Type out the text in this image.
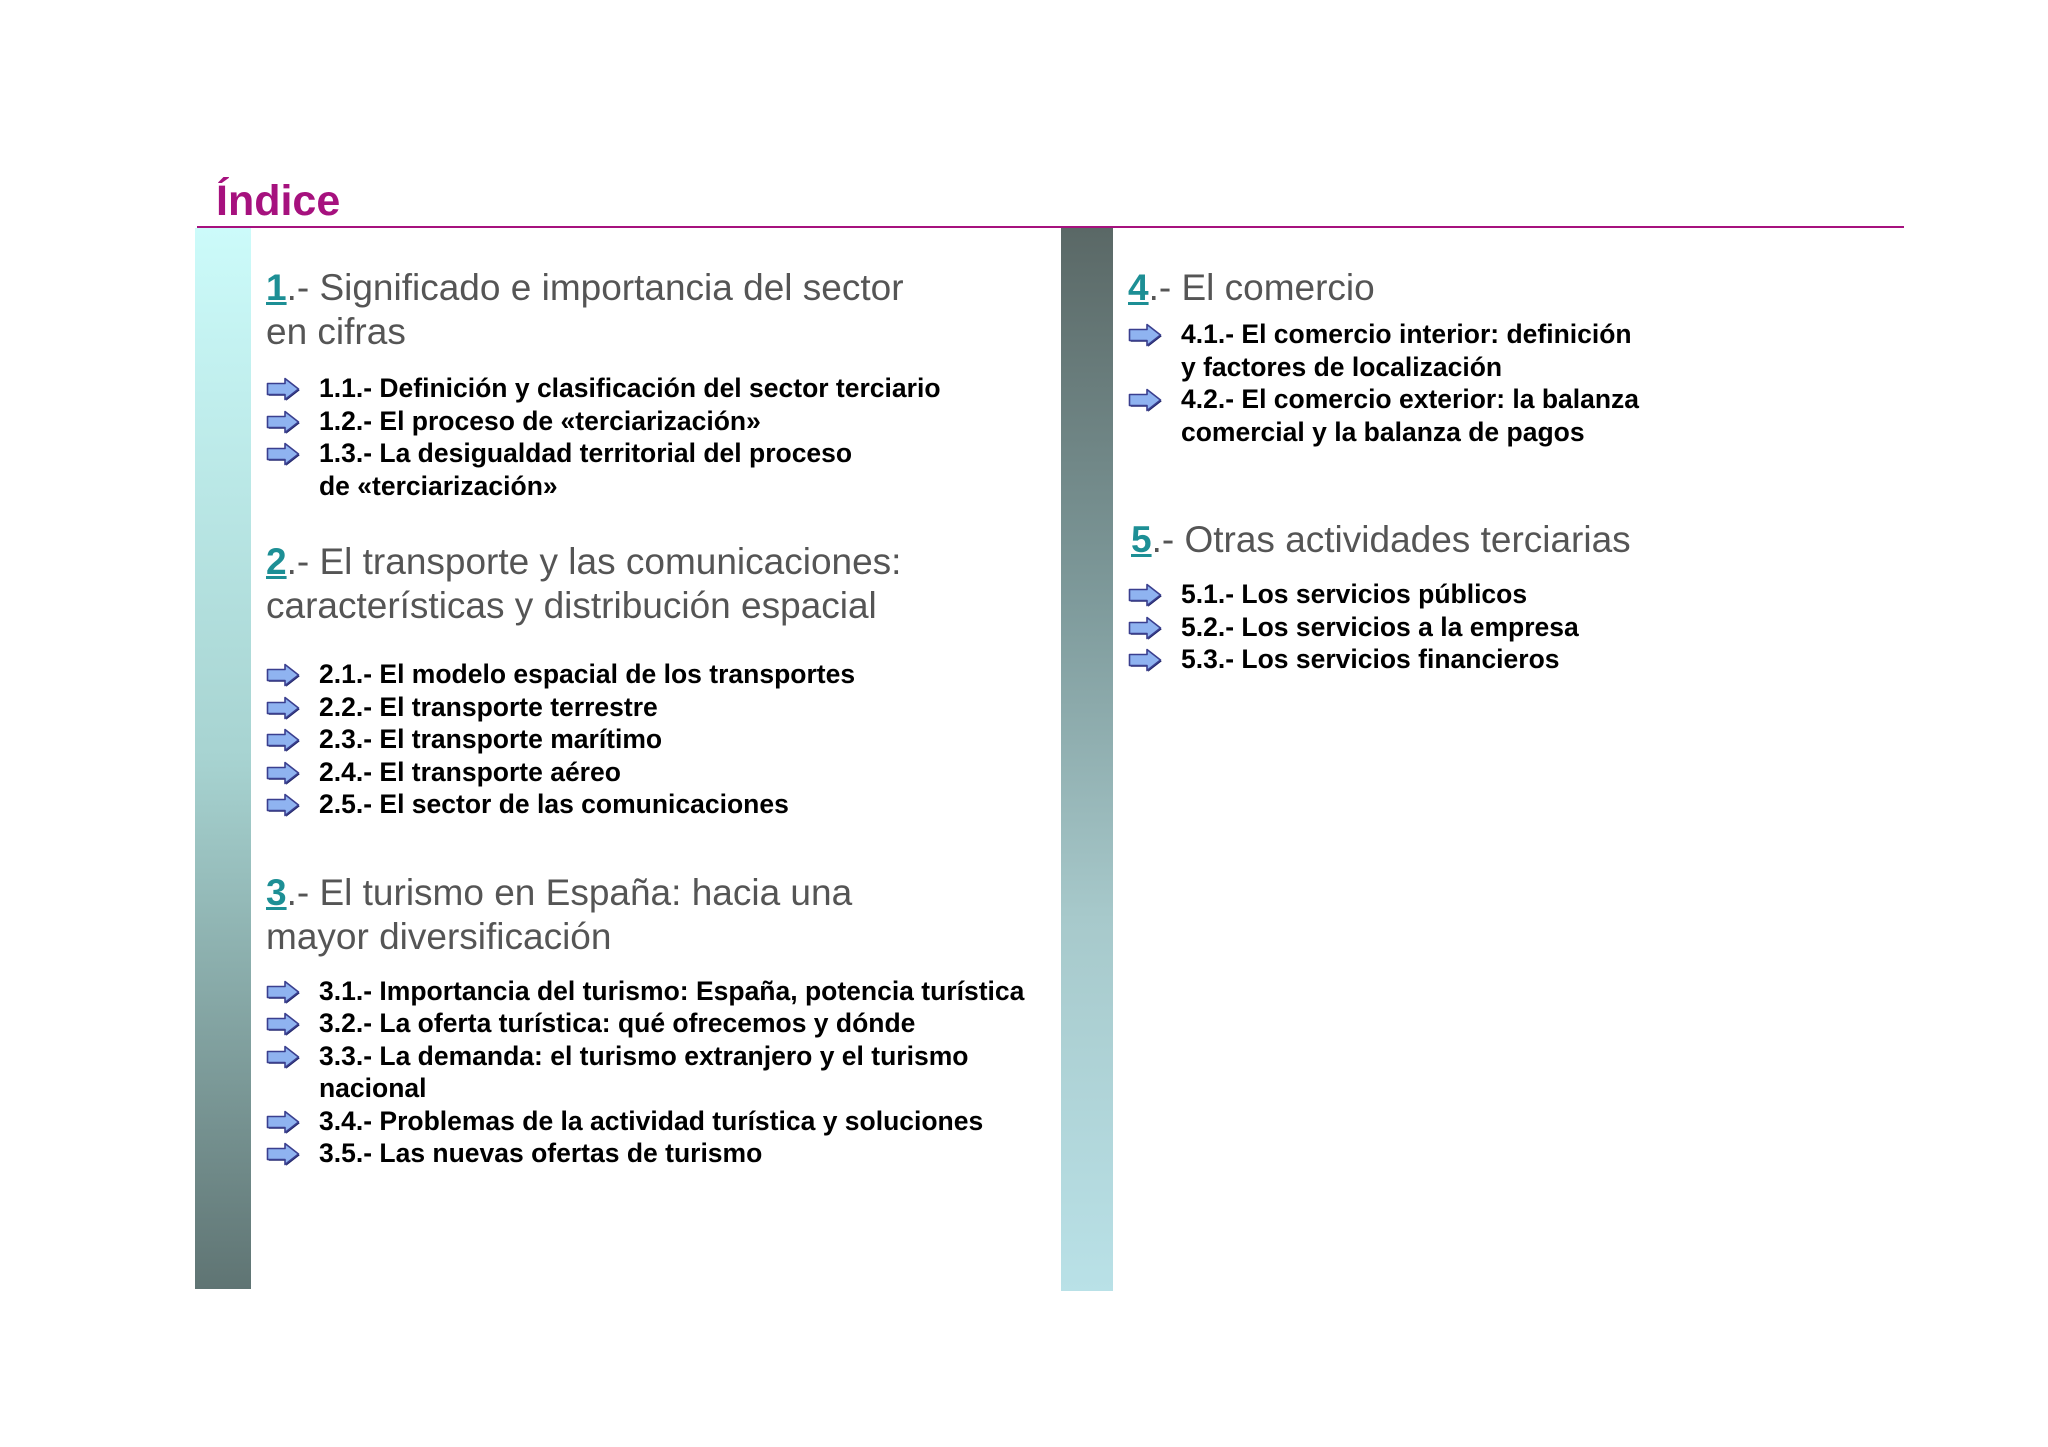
Índice
1.- Significado e importancia del sector
en cifras
1.1.- Definición y clasificación del sector terciario
1.2.- El proceso de «terciarización»
1.3.- La desigualdad territorial del proceso
de «terciarización»
2.- El transporte y las comunicaciones:
características y distribución espacial
2.1.- El modelo espacial de los transportes
2.2.- El transporte terrestre
2.3.- El transporte marítimo
2.4.- El transporte aéreo
2.5.- El sector de las comunicaciones
3.- El turismo en España: hacia una
mayor diversificación
3.1.- Importancia del turismo: España, potencia turística
3.2.- La oferta turística: qué ofrecemos y dónde
3.3.- La demanda: el turismo extranjero y el turismo
nacional
3.4.- Problemas de la actividad turística y soluciones
3.5.- Las nuevas ofertas de turismo
4.- El comercio
4.1.- El comercio interior: definición
y factores de localización
4.2.- El comercio exterior: la balanza
comercial y la balanza de pagos
5.- Otras actividades terciarias
5.1.- Los servicios públicos
5.2.- Los servicios a la empresa
5.3.- Los servicios financieros
